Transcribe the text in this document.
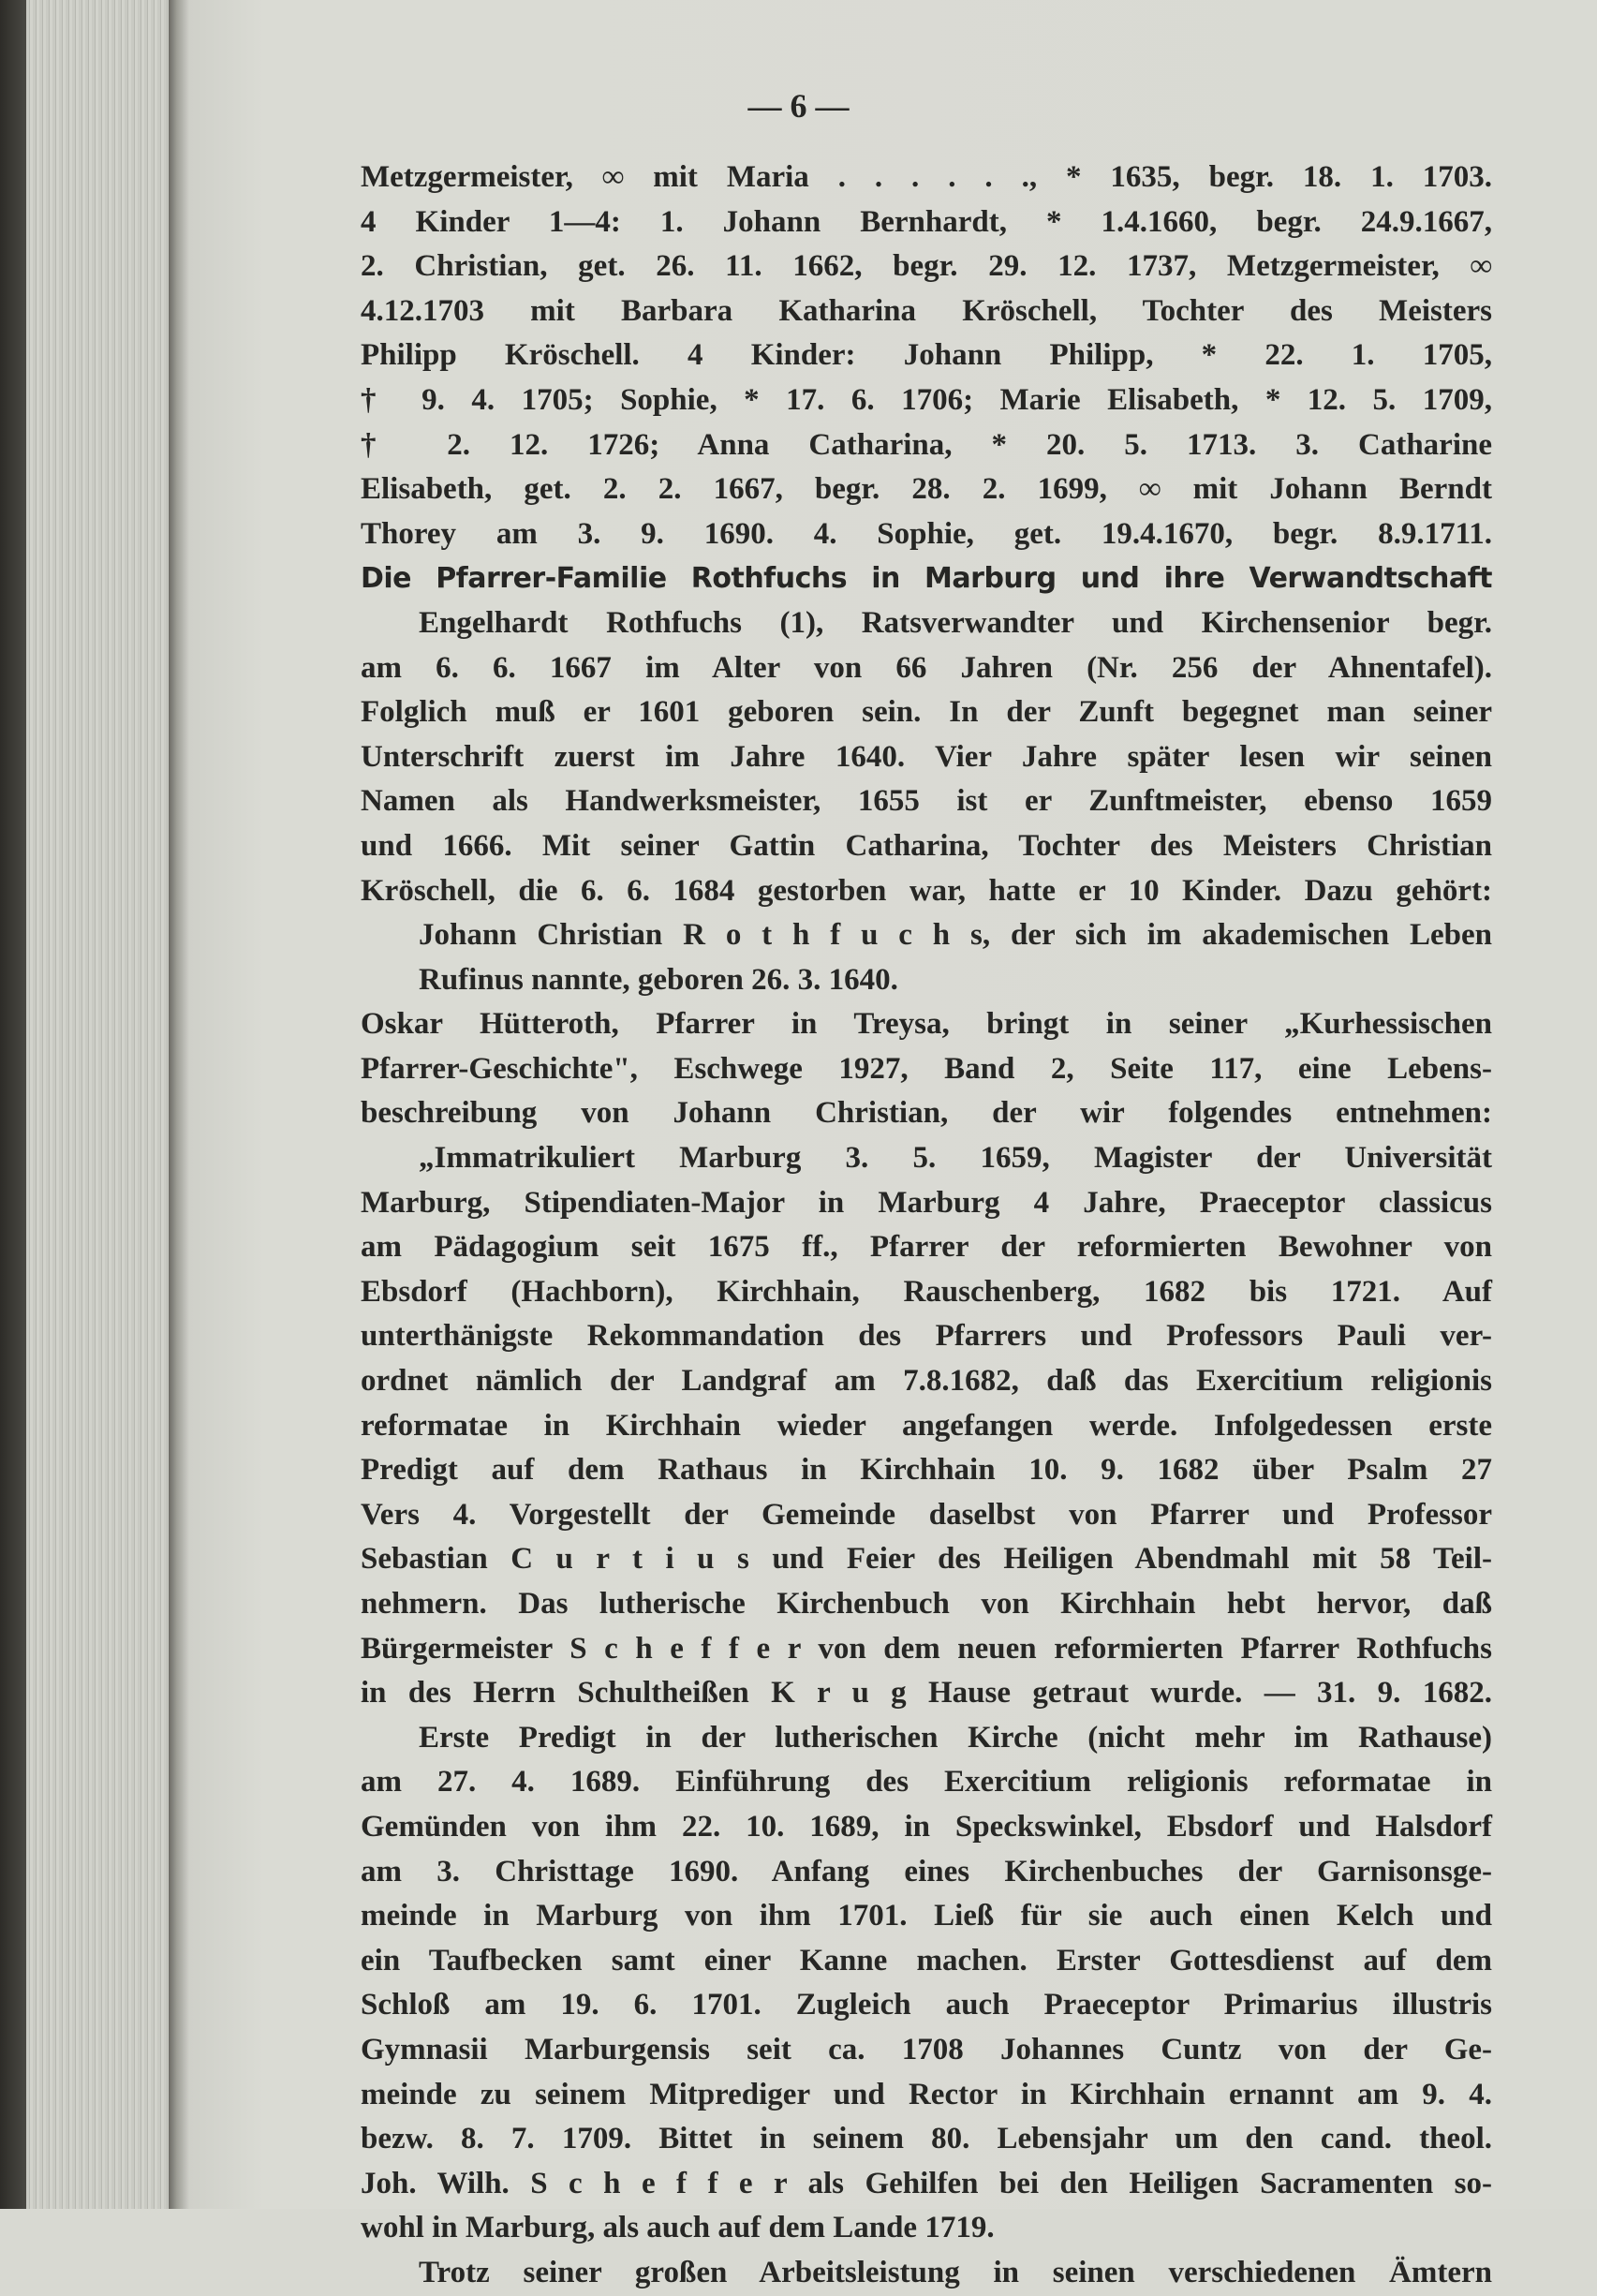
— 6 —
Metzgermeister, ∞ mit Maria . . . . . ., * 1635, begr. 18. 1. 1703.
4 Kinder 1—4: 1. Johann Bernhardt, * 1.4.1660, begr. 24.9.1667,
2. Christian, get. 26. 11. 1662, begr. 29. 12. 1737, Metzgermeister, ∞
4.12.1703 mit Barbara Katharina Kröschell, Tochter des Meisters
Philipp Kröschell. 4 Kinder: Johann Philipp, * 22. 1. 1705,
† 9. 4. 1705; Sophie, * 17. 6. 1706; Marie Elisabeth, * 12. 5. 1709,
† 2. 12. 1726; Anna Catharina, * 20. 5. 1713. 3. Catharine
Elisabeth, get. 2. 2. 1667, begr. 28. 2. 1699, ∞ mit Johann Berndt
Thorey am 3. 9. 1690. 4. Sophie, get. 19.4.1670, begr. 8.9.1711.
Die Pfarrer-Familie Rothfuchs in Marburg und ihre Verwandtschaft
Engelhardt Rothfuchs (1), Ratsverwandter und Kirchensenior begr.
am 6. 6. 1667 im Alter von 66 Jahren (Nr. 256 der Ahnentafel).
Folglich muß er 1601 geboren sein. In der Zunft begegnet man seiner
Unterschrift zuerst im Jahre 1640. Vier Jahre später lesen wir seinen
Namen als Handwerksmeister, 1655 ist er Zunftmeister, ebenso 1659
und 1666. Mit seiner Gattin Catharina, Tochter des Meisters Christian
Kröschell, die 6. 6. 1684 gestorben war, hatte er 10 Kinder. Dazu gehört:
Johann Christian R o t h f u c h s, der sich im akademischen Leben
Rufinus nannte, geboren 26. 3. 1640.
Oskar Hütteroth, Pfarrer in Treysa, bringt in seiner „Kurhessischen
Pfarrer-Geschichte", Eschwege 1927, Band 2, Seite 117, eine Lebens-
beschreibung von Johann Christian, der wir folgendes entnehmen:
„Immatrikuliert Marburg 3. 5. 1659, Magister der Universität
Marburg, Stipendiaten-Major in Marburg 4 Jahre, Praeceptor classicus
am Pädagogium seit 1675 ff., Pfarrer der reformierten Bewohner von
Ebsdorf (Hachborn), Kirchhain, Rauschenberg, 1682 bis 1721. Auf
unterthänigste Rekommandation des Pfarrers und Professors Pauli ver-
ordnet nämlich der Landgraf am 7.8.1682, daß das Exercitium religionis
reformatae in Kirchhain wieder angefangen werde. Infolgedessen erste
Predigt auf dem Rathaus in Kirchhain 10. 9. 1682 über Psalm 27
Vers 4. Vorgestellt der Gemeinde daselbst von Pfarrer und Professor
Sebastian C u r t i u s und Feier des Heiligen Abendmahl mit 58 Teil-
nehmern. Das lutherische Kirchenbuch von Kirchhain hebt hervor, daß
Bürgermeister S c h e f f e r von dem neuen reformierten Pfarrer Rothfuchs
in des Herrn Schultheißen K r u g Hause getraut wurde. — 31. 9. 1682.
Erste Predigt in der lutherischen Kirche (nicht mehr im Rathause)
am 27. 4. 1689. Einführung des Exercitium religionis reformatae in
Gemünden von ihm 22. 10. 1689, in Speckswinkel, Ebsdorf und Halsdorf
am 3. Christtage 1690. Anfang eines Kirchenbuches der Garnisonsge-
meinde in Marburg von ihm 1701. Ließ für sie auch einen Kelch und
ein Taufbecken samt einer Kanne machen. Erster Gottesdienst auf dem
Schloß am 19. 6. 1701. Zugleich auch Praeceptor Primarius illustris
Gymnasii Marburgensis seit ca. 1708 Johannes Cuntz von der Ge-
meinde zu seinem Mitprediger und Rector in Kirchhain ernannt am 9. 4.
bezw. 8. 7. 1709. Bittet in seinem 80. Lebensjahr um den cand. theol.
Joh. Wilh. S c h e f f e r als Gehilfen bei den Heiligen Sacramenten so-
wohl in Marburg, als auch auf dem Lande 1719.
Trotz seiner großen Arbeitsleistung in seinen verschiedenen Ämtern
